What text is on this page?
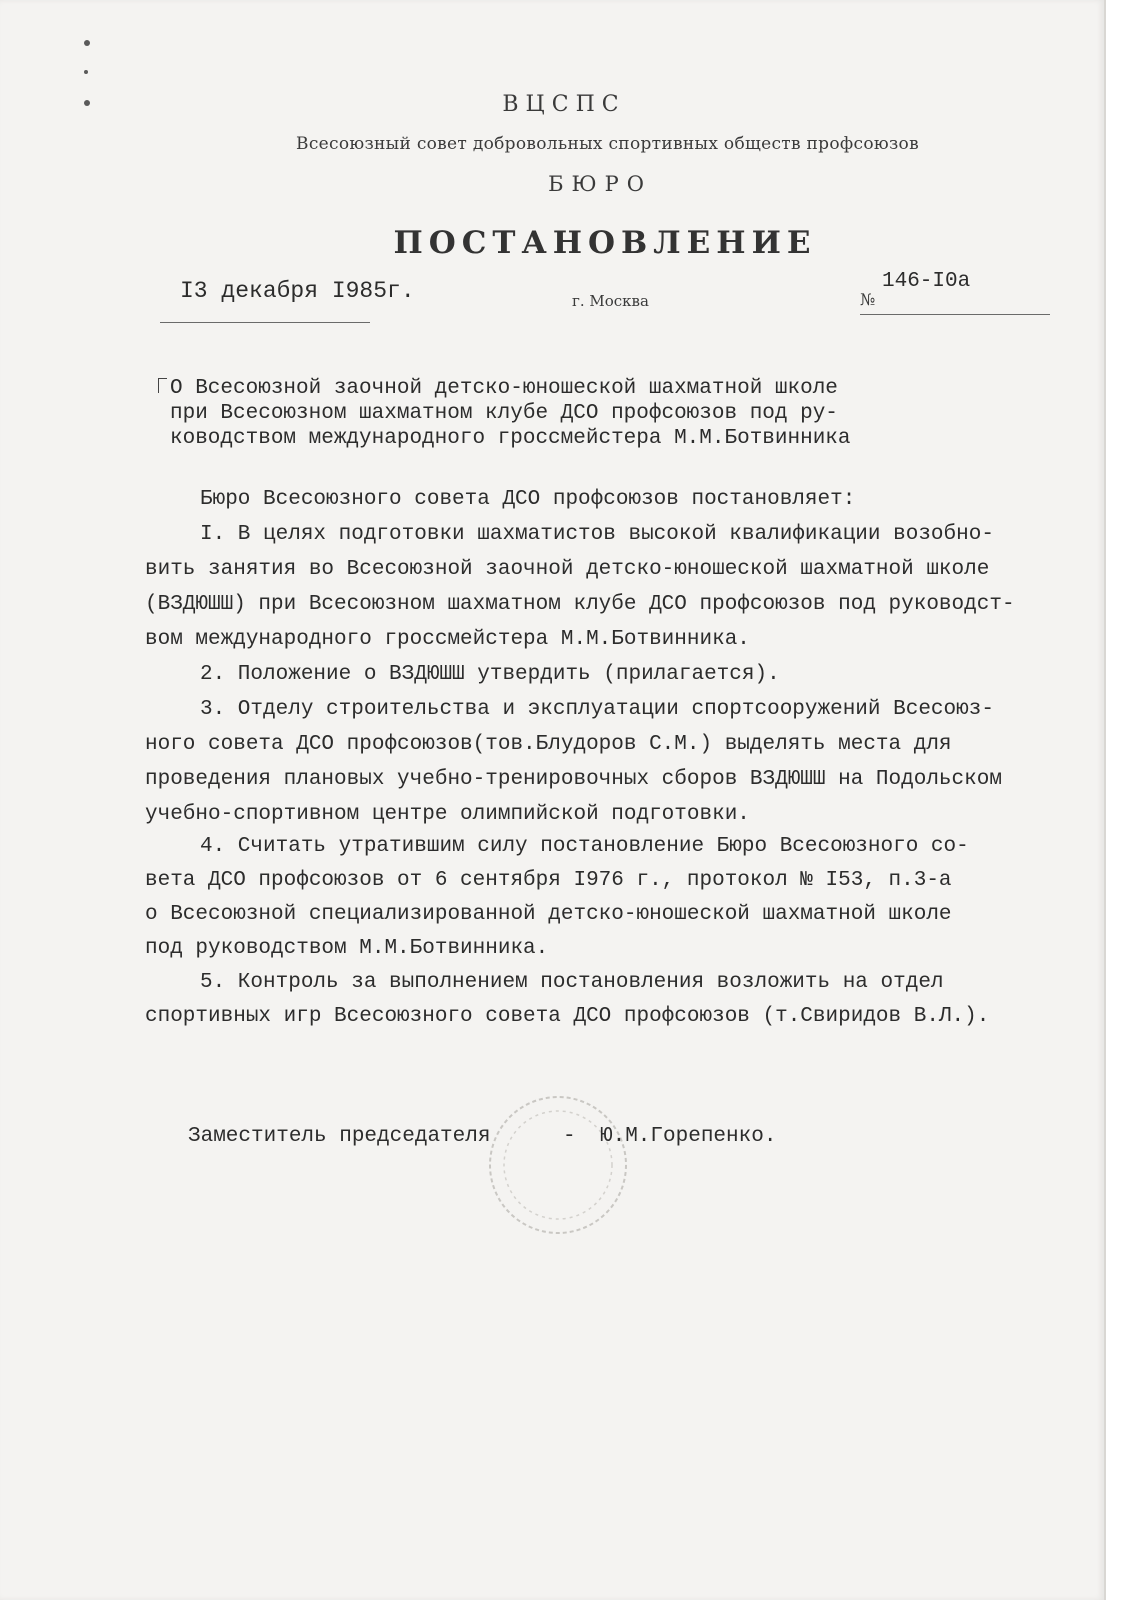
ВЦСПС
Всесоюзный совет добровольных спортивных обществ профсоюзов
БЮРО
ПОСТАНОВЛЕНИЕ
I3 декабря I985г.	г. Москва	№
146-I0а
О Всесоюзной заочной детско-юношеской шахматной школе
при Всесоюзном шахматном клубе ДСО профсоюзов под ру-
ководством международного гроссмейстера М.М.Ботвинника
Бюро Всесоюзного совета ДСО профсоюзов постановляет:
I. В целях подготовки шахматистов высокой квалификации возобно-
вить занятия во Всесоюзной заочной детско-юношеской шахматной школе
(ВЗДЮШШ) при Всесоюзном шахматном клубе ДСО профсоюзов под руководст-
вом международного гроссмейстера М.М.Ботвинника.
2. Положение о ВЗДЮШШ утвердить (прилагается).
3. Отделу строительства и эксплуатации спортсооружений Всесоюз-
ного совета ДСО профсоюзов(тов.Блудоров С.М.) выделять места для
проведения плановых учебно-тренировочных сборов ВЗДЮШШ на Подольском
учебно-спортивном центре олимпийской подготовки.
4. Считать утратившим силу постановление Бюро Всесоюзного со-
вета ДСО профсоюзов от 6 сентября I976 г., протокол № I53, п.3-а
о Всесоюзной специализированной детско-юношеской шахматной школе
под руководством М.М.Ботвинника.
5. Контроль за выполнением постановления возложить на отдел
спортивных игр Всесоюзного совета ДСО профсоюзов (т.Свиридов В.Л.).
Заместитель председателя	- Ю.М.Горепенко.
